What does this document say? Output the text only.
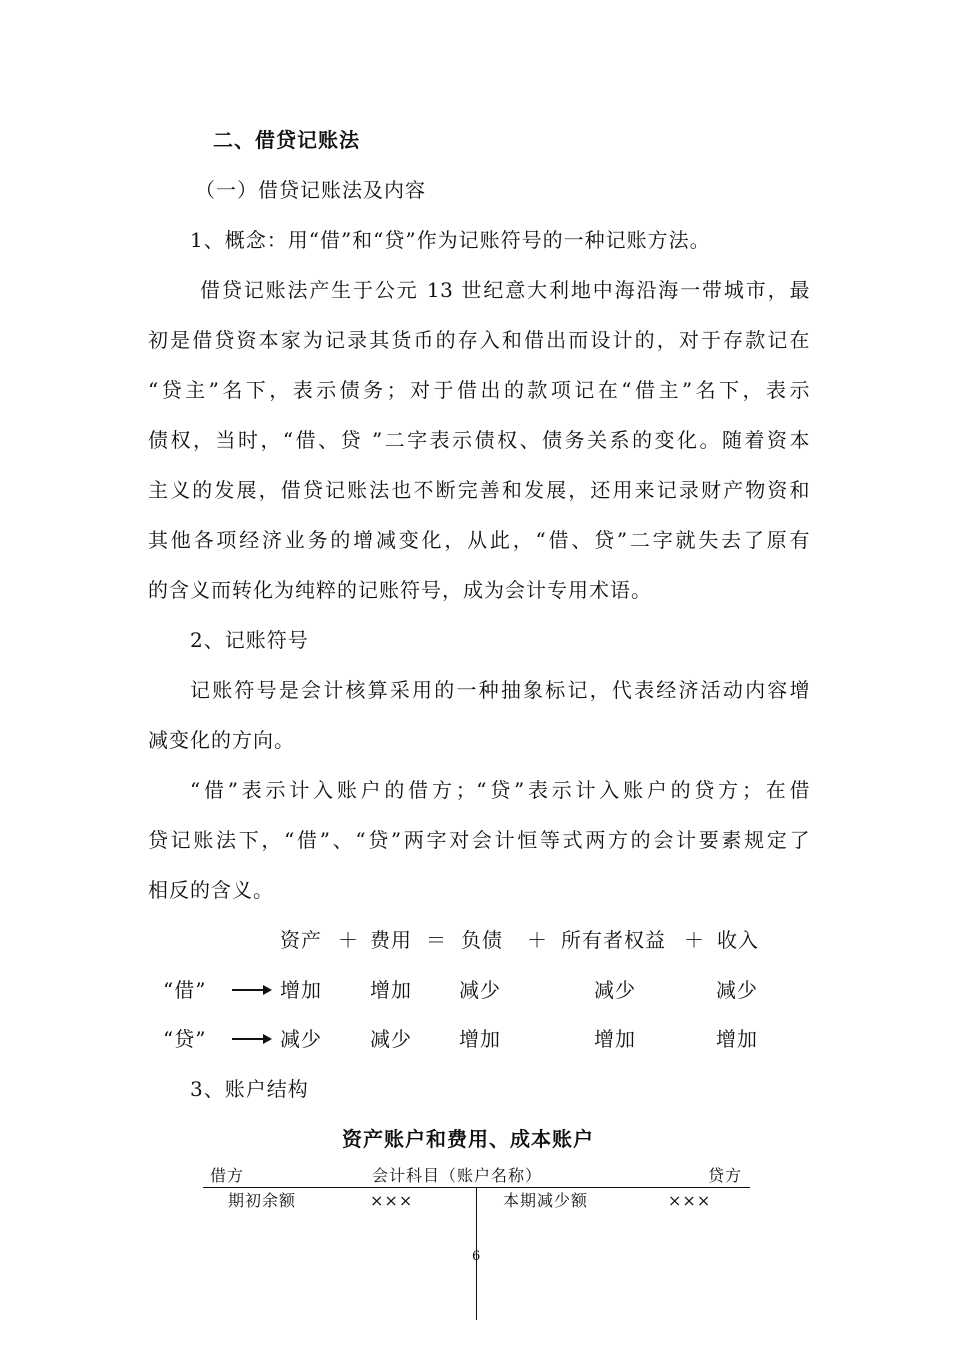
二、借贷记账法
（一）借贷记账法及内容
1、概念：用“借”和“贷”作为记账符号的一种记账方法。
借贷记账法产生于公元 13 世纪意大利地中海沿海一带城市，最
初是借贷资本家为记录其货币的存入和借出而设计的，对于存款记在
“贷主”名下，表示债务；对于借出的款项记在“借主”名下，表示
债权，当时，“借、贷 ”二字表示债权、债务关系的变化。随着资本
主义的发展，借贷记账法也不断完善和发展，还用来记录财产物资和
其他各项经济业务的增减变化，从此，“借、贷”二字就失去了原有
的含义而转化为纯粹的记账符号，成为会计专用术语。
2、记账符号
记账符号是会计核算采用的一种抽象标记，代表经济活动内容增
减变化的方向。
“借”表示计入账户的借方；“贷”表示计入账户的贷方；在借
贷记账法下，“借”、“贷”两字对会计恒等式两方的会计要素规定了
相反的含义。
资产 ＋ 费用 ＝ 负债 ＋ 所有者权益 ＋ 收入
“借”	增加 增加 减少	减少	减少
“贷”	减少 减少 增加	增加	增加
3、账户结构
资产账户和费用、成本账户
借方	会计科目（账户名称）	贷方
期初余额	×××	本期减少额	×××
6
